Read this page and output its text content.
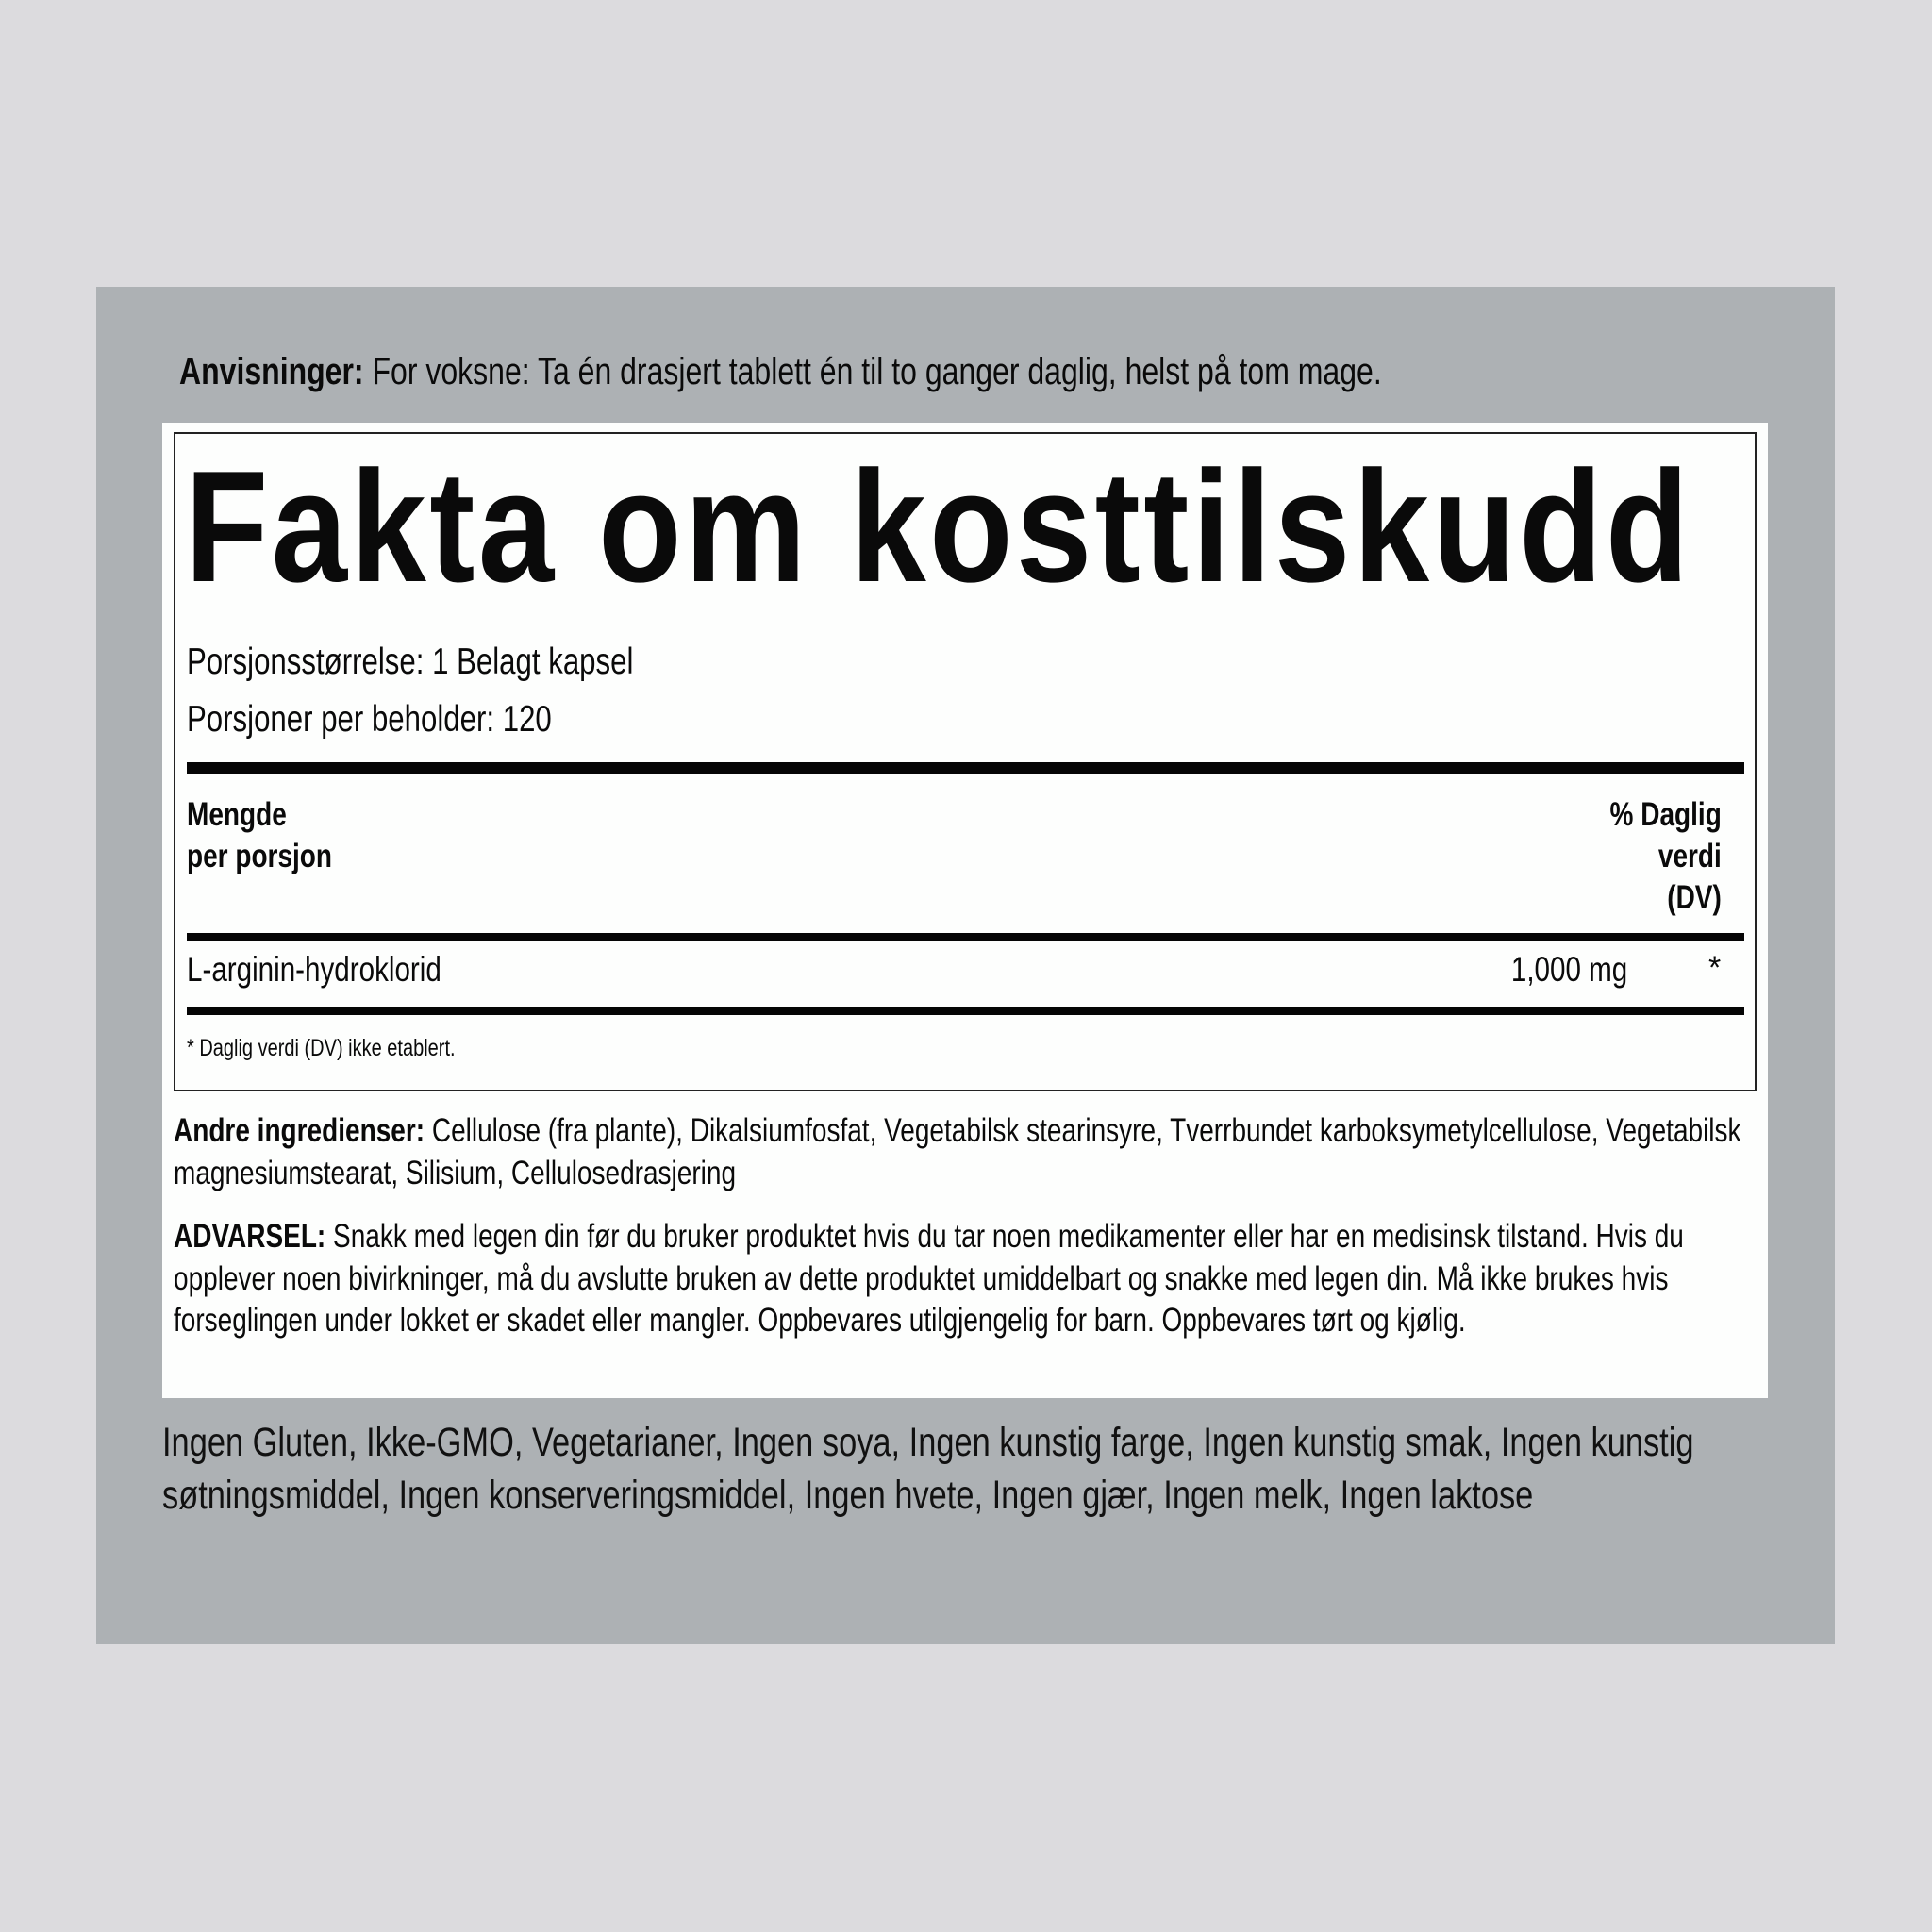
Anvisninger: For voksne: Ta én drasjert tablett én til to ganger daglig, helst på tom mage.
Fakta om kosttilskudd
Porsjonsstørrelse: 1 Belagt kapsel
Porsjoner per beholder: 120
Mengde
per porsjon
% Daglig
verdi
(DV)
L-arginin-hydroklorid	1,000 mg	*
* Daglig verdi (DV) ikke etablert.
Andre ingredienser: Cellulose (fra plante), Dikalsiumfosfat, Vegetabilsk stearinsyre, Tverrbundet karboksymetylcellulose, Vegetabilsk magnesiumstearat, Silisium, Cellulosedrasjering
ADVARSEL: Snakk med legen din før du bruker produktet hvis du tar noen medikamenter eller har en medisinsk tilstand. Hvis du opplever noen bivirkninger, må du avslutte bruken av dette produktet umiddelbart og snakke med legen din. Må ikke brukes hvis forseglingen under lokket er skadet eller mangler. Oppbevares utilgjengelig for barn. Oppbevares tørt og kjølig.
Ingen Gluten, Ikke-GMO, Vegetarianer, Ingen soya, Ingen kunstig farge, Ingen kunstig smak, Ingen kunstig søtningsmiddel, Ingen konserveringsmiddel, Ingen hvete, Ingen gjær, Ingen melk, Ingen laktose
